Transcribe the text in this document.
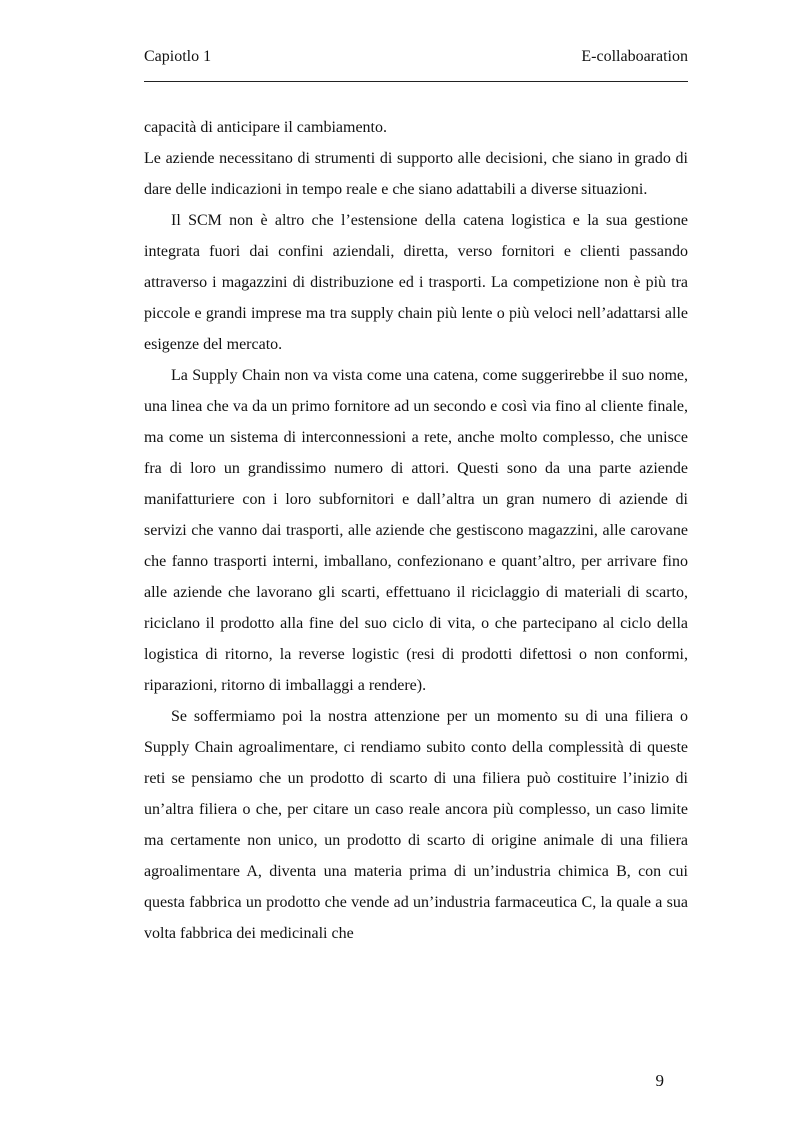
Capiotlo 1	E-collaboaration

capacità di anticipare il cambiamento.

Le aziende necessitano di strumenti di supporto alle decisioni, che siano in grado di dare delle indicazioni in tempo reale e che siano adattabili a diverse situazioni.

Il SCM non è altro che l’estensione della catena logistica e la sua gestione integrata fuori dai confini aziendali, diretta, verso fornitori e clienti passando attraverso i magazzini di distribuzione ed i trasporti. La competizione non è più tra piccole e grandi imprese ma tra supply chain più lente o più veloci nell’adattarsi alle esigenze del mercato.

La Supply Chain non va vista come una catena, come suggerirebbe il suo nome, una linea che va da un primo fornitore ad un secondo e così via fino al cliente finale, ma come un sistema di interconnessioni a rete, anche molto complesso, che unisce fra di loro un grandissimo numero di attori. Questi sono da una parte aziende manifatturiere con i loro subfornitori e dall’altra un gran numero di aziende di servizi che vanno dai trasporti, alle aziende che gestiscono magazzini, alle carovane che fanno trasporti interni, imballano, confezionano e quant’altro, per arrivare fino alle aziende che lavorano gli scarti, effettuano il riciclaggio di materiali di scarto, riciclano il prodotto alla fine del suo ciclo di vita, o che partecipano al ciclo della logistica di ritorno, la reverse logistic (resi di prodotti difettosi o non conformi, riparazioni, ritorno di imballaggi a rendere).

Se soffermiamo poi la nostra attenzione per un momento su di una filiera o Supply Chain agroalimentare, ci rendiamo subito conto della complessità di queste reti se pensiamo che un prodotto di scarto di una filiera può costituire l’inizio di un’altra filiera o che, per citare un caso reale ancora più complesso, un caso limite ma certamente non unico, un prodotto di scarto di origine animale di una filiera agroalimentare A, diventa una materia prima di un’industria chimica B, con cui questa fabbrica un prodotto che vende ad un’industria farmaceutica C, la quale a sua volta fabbrica dei medicinali che

9
